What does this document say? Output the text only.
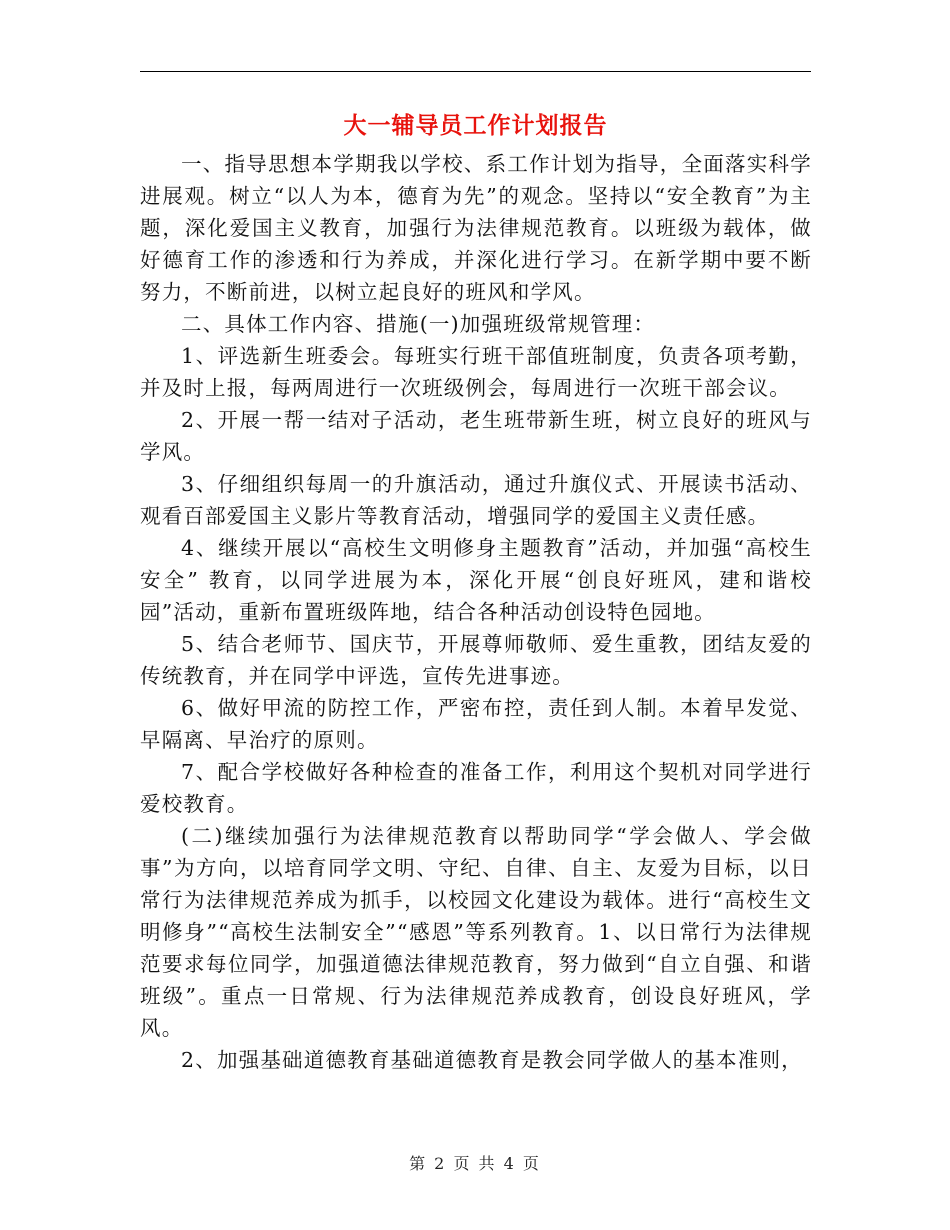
大一辅导员工作计划报告

一、指导思想本学期我以学校、系工作计划为指导，全面落实科学进展观。树立“以人为本，德育为先”的观念。坚持以“安全教育”为主题，深化爱国主义教育，加强行为法律规范教育。以班级为载体，做好德育工作的渗透和行为养成，并深化进行学习。在新学期中要不断努力，不断前进，以树立起良好的班风和学风。

二、具体工作内容、措施(一)加强班级常规管理：

1、评选新生班委会。每班实行班干部值班制度，负责各项考勤，并及时上报，每两周进行一次班级例会，每周进行一次班干部会议。

2、开展一帮一结对子活动，老生班带新生班，树立良好的班风与学风。

3、仔细组织每周一的升旗活动，通过升旗仪式、开展读书活动、观看百部爱国主义影片等教育活动，增强同学的爱国主义责任感。

4、继续开展以“高校生文明修身主题教育”活动，并加强“高校生安全” 教育，以同学进展为本，深化开展“创良好班风，建和谐校园”活动，重新布置班级阵地，结合各种活动创设特色园地。

5、结合老师节、国庆节，开展尊师敬师、爱生重教，团结友爱的传统教育，并在同学中评选，宣传先进事迹。

6、做好甲流的防控工作，严密布控，责任到人制。本着早发觉、早隔离、早治疗的原则。

7、配合学校做好各种检查的准备工作，利用这个契机对同学进行爱校教育。

(二)继续加强行为法律规范教育以帮助同学“学会做人、学会做事”为方向，以培育同学文明、守纪、自律、自主、友爱为目标，以日常行为法律规范养成为抓手，以校园文化建设为载体。进行“高校生文明修身”“高校生法制安全”“感恩”等系列教育。1、以日常行为法律规范要求每位同学，加强道德法律规范教育，努力做到“自立自强、和谐班级”。重点一日常规、行为法律规范养成教育，创设良好班风，学风。

2、加强基础道德教育基础道德教育是教会同学做人的基本准则，

第 2 页 共 4 页
